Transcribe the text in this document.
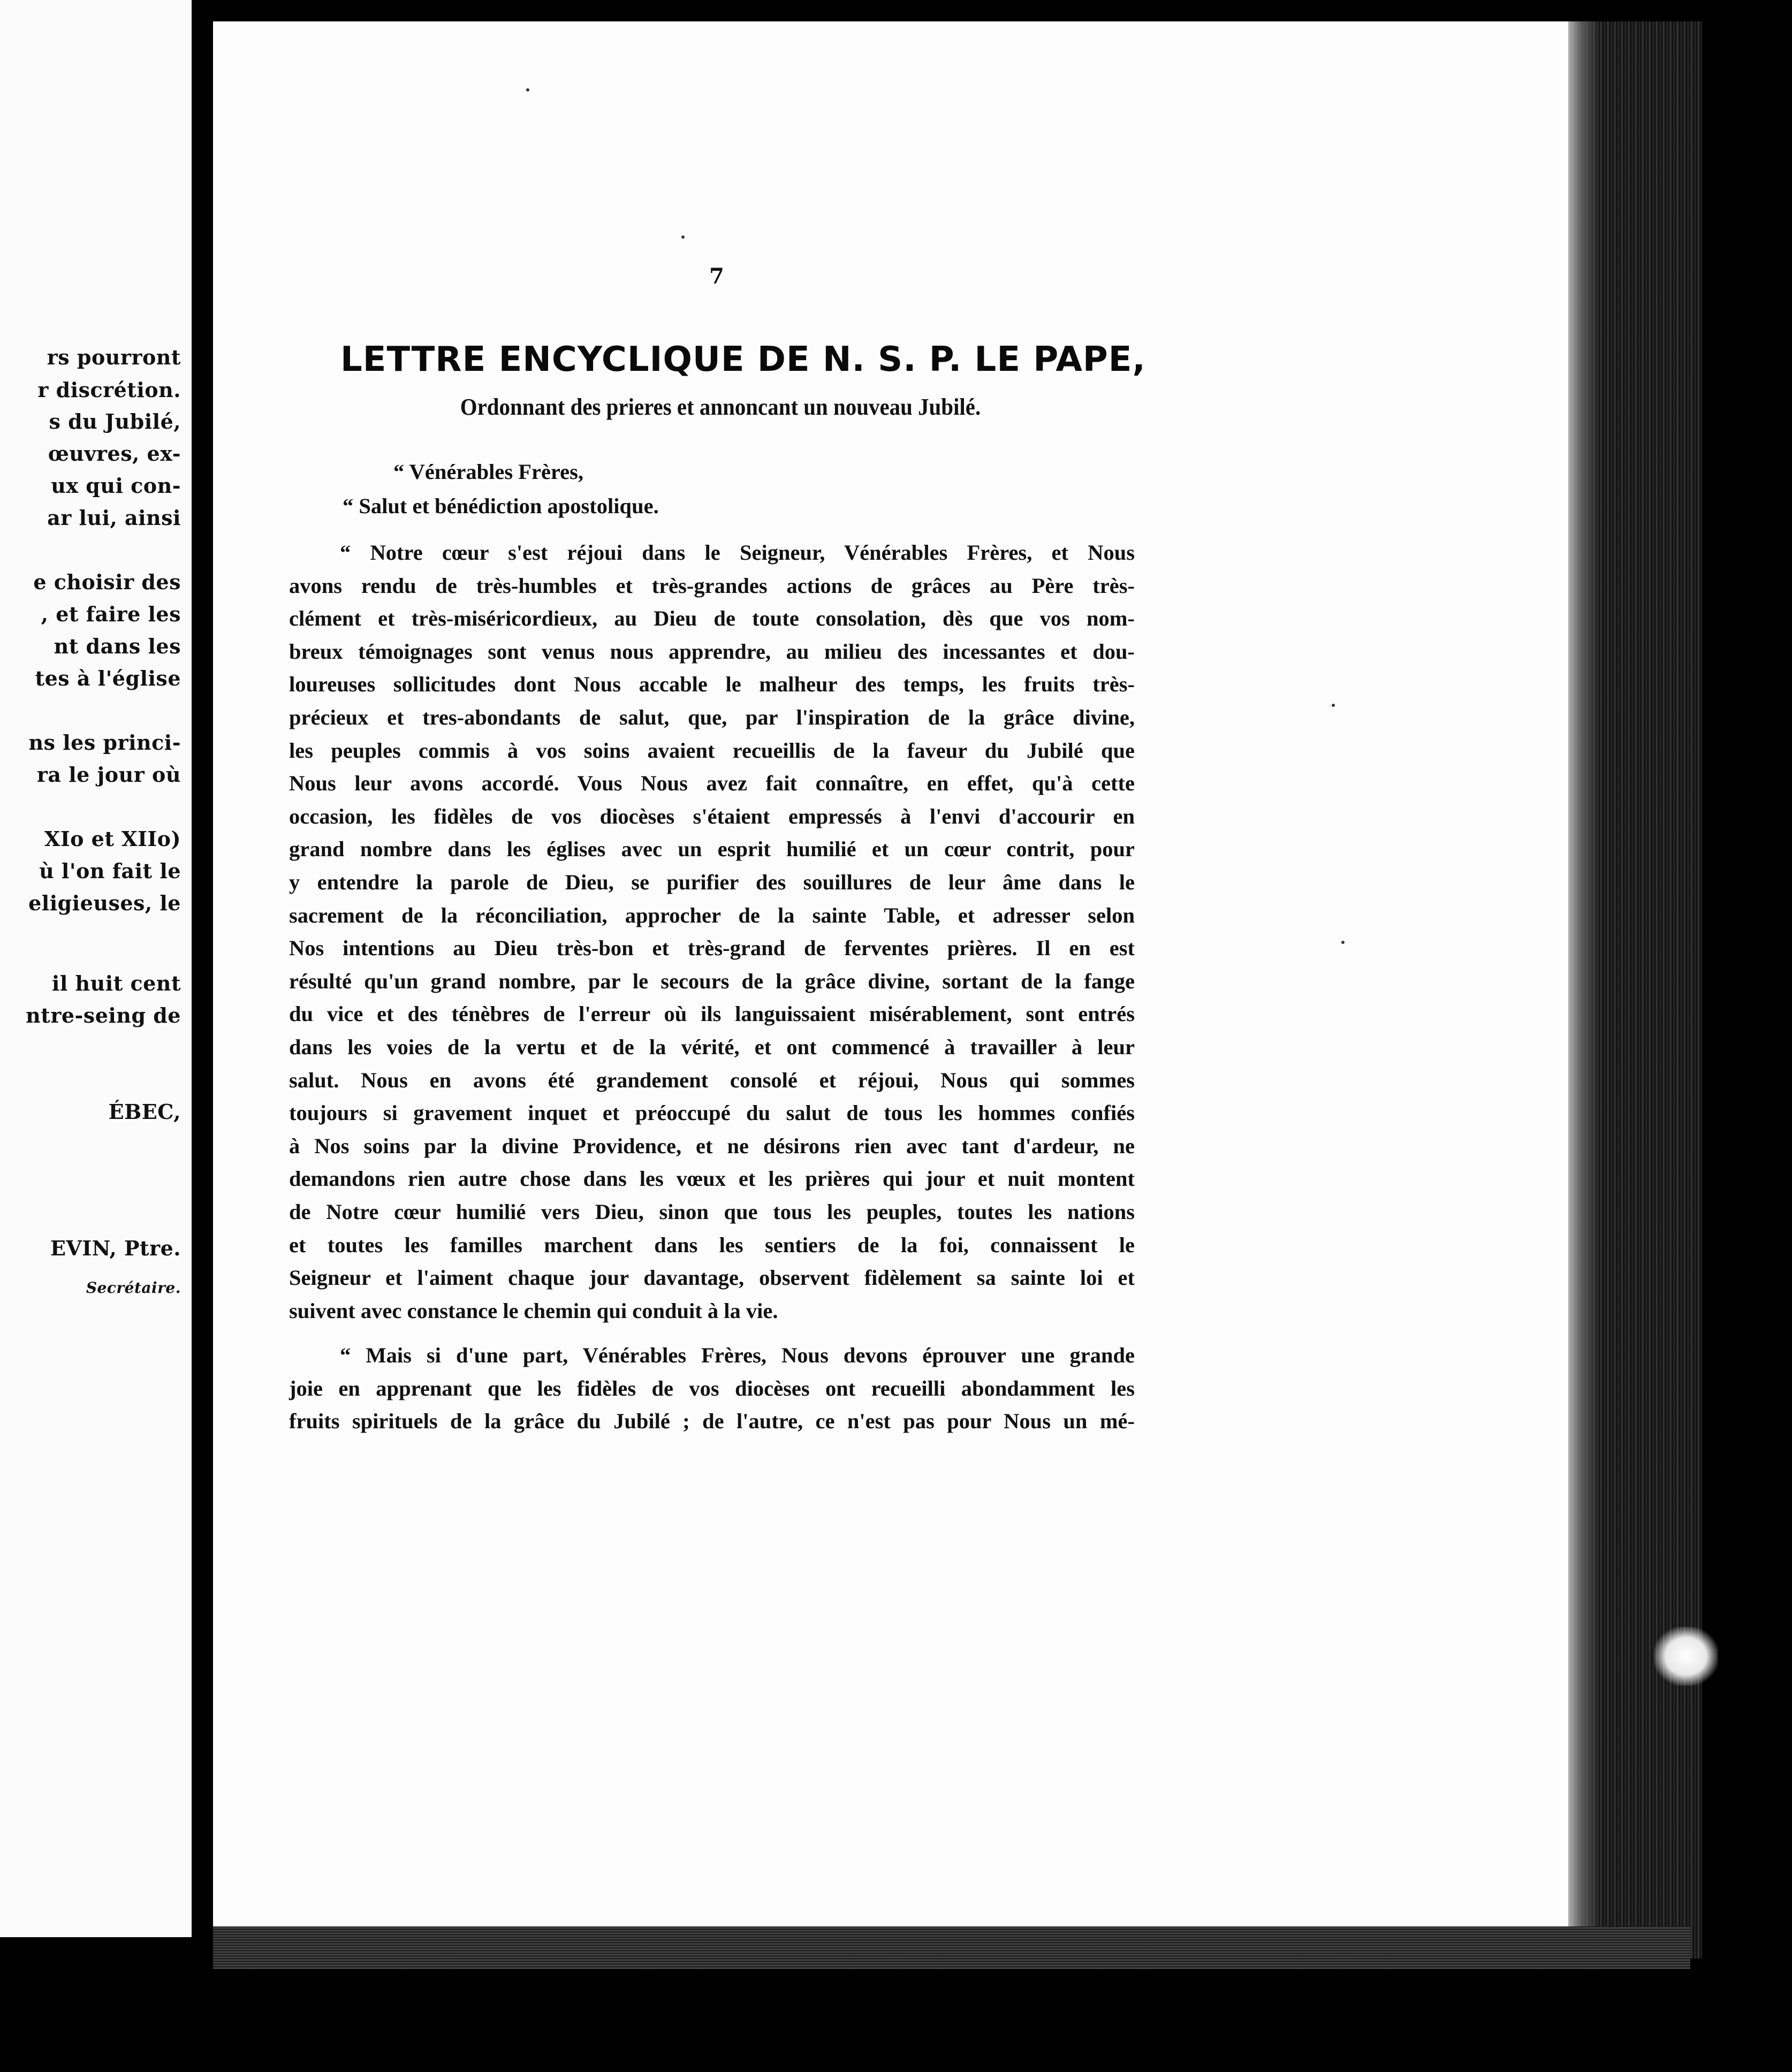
rs pourront
r discrétion.
s du Jubilé,
œuvres, ex-
ux qui con-
ar lui, ainsi
e choisir des
, et faire les
nt dans les
tes à l'église
ns les princi-
ra le jour où
XIo et XIIo)
ù l'on fait le
eligieuses, le
il huit cent
ntre-seing de
ÉBEC,
EVIN, Ptre.
Secrétaire.
7
LETTRE ENCYCLIQUE DE N. S. P. LE PAPE,
Ordonnant des prieres et annoncant un nouveau Jubilé.
“ Vénérables Frères,
“ Salut et bénédiction apostolique.
“ Notre cœur s'est réjoui dans le Seigneur, Vénérables Frères, et Nous
avons rendu de très-humbles et très-grandes actions de grâces au Père très-
clément et très-miséricordieux, au Dieu de toute consolation, dès que vos nom-
breux témoignages sont venus nous apprendre, au milieu des incessantes et dou-
loureuses sollicitudes dont Nous accable le malheur des temps, les fruits très-
précieux et tres-abondants de salut, que, par l'inspiration de la grâce divine,
les peuples commis à vos soins avaient recueillis de la faveur du Jubilé que
Nous leur avons accordé. Vous Nous avez fait connaître, en effet, qu'à cette
occasion, les fidèles de vos diocèses s'étaient empressés à l'envi d'accourir en
grand nombre dans les églises avec un esprit humilié et un cœur contrit, pour
y entendre la parole de Dieu, se purifier des souillures de leur âme dans le
sacrement de la réconciliation, approcher de la sainte Table, et adresser selon
Nos intentions au Dieu très-bon et très-grand de ferventes prières. Il en est
résulté qu'un grand nombre, par le secours de la grâce divine, sortant de la fange
du vice et des ténèbres de l'erreur où ils languissaient misérablement, sont entrés
dans les voies de la vertu et de la vérité, et ont commencé à travailler à leur
salut. Nous en avons été grandement consolé et réjoui, Nous qui sommes
toujours si gravement inquet et préoccupé du salut de tous les hommes confiés
à Nos soins par la divine Providence, et ne désirons rien avec tant d'ardeur, ne
demandons rien autre chose dans les vœux et les prières qui jour et nuit montent
de Notre cœur humilié vers Dieu, sinon que tous les peuples, toutes les nations
et toutes les familles marchent dans les sentiers de la foi, connaissent le
Seigneur et l'aiment chaque jour davantage, observent fidèlement sa sainte loi et
suivent avec constance le chemin qui conduit à la vie.
“ Mais si d'une part, Vénérables Frères, Nous devons éprouver une grande
joie en apprenant que les fidèles de vos diocèses ont recueilli abondamment les
fruits spirituels de la grâce du Jubilé ; de l'autre, ce n'est pas pour Nous un mé-
